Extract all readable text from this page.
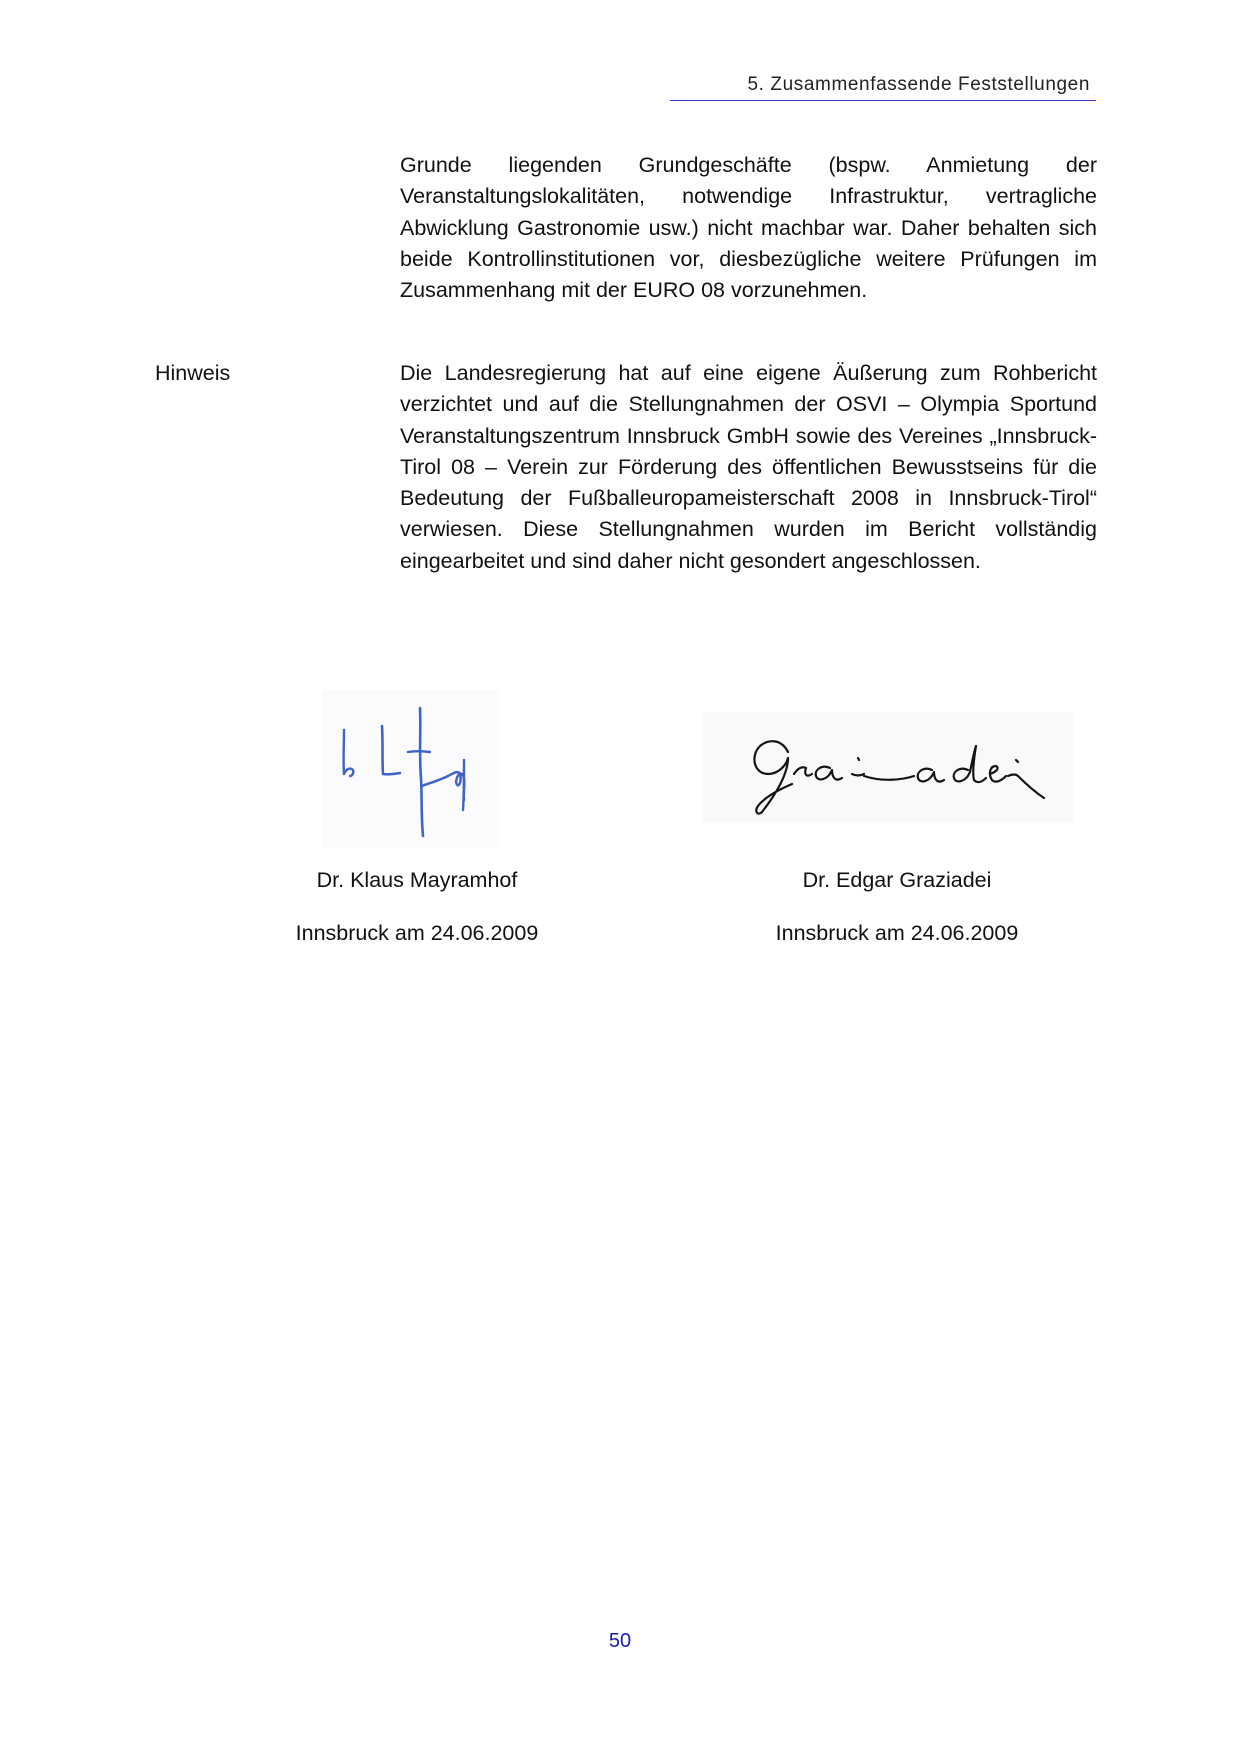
5. Zusammenfassende Feststellungen

Grunde liegenden Grundgeschäfte (bspw. Anmietung der Veranstaltungslokalitäten, notwendige Infrastruktur, vertragliche Abwicklung Gastronomie usw.) nicht machbar war. Daher behalten sich beide Kontrollinstitutionen vor, diesbezügliche weitere Prüfungen im Zusammenhang mit der EURO 08 vorzunehmen.

Hinweis	Die Landesregierung hat auf eine eigene Äußerung zum Rohbericht verzichtet und auf die Stellungnahmen der OSVI – Olympia Sportund Veranstaltungszentrum Innsbruck GmbH sowie des Vereines „Innsbruck-Tirol 08 – Verein zur Förderung des öffentlichen Bewusstseins für die Bedeutung der Fußballeuropameisterschaft 2008 in Innsbruck-Tirol“ verwiesen. Diese Stellungnahmen wurden im Bericht vollständig eingearbeitet und sind daher nicht gesondert angeschlossen.

Dr. Klaus Mayramhof
Innsbruck am 24.06.2009
Dr. Edgar Graziadei
Innsbruck am 24.06.2009
50
